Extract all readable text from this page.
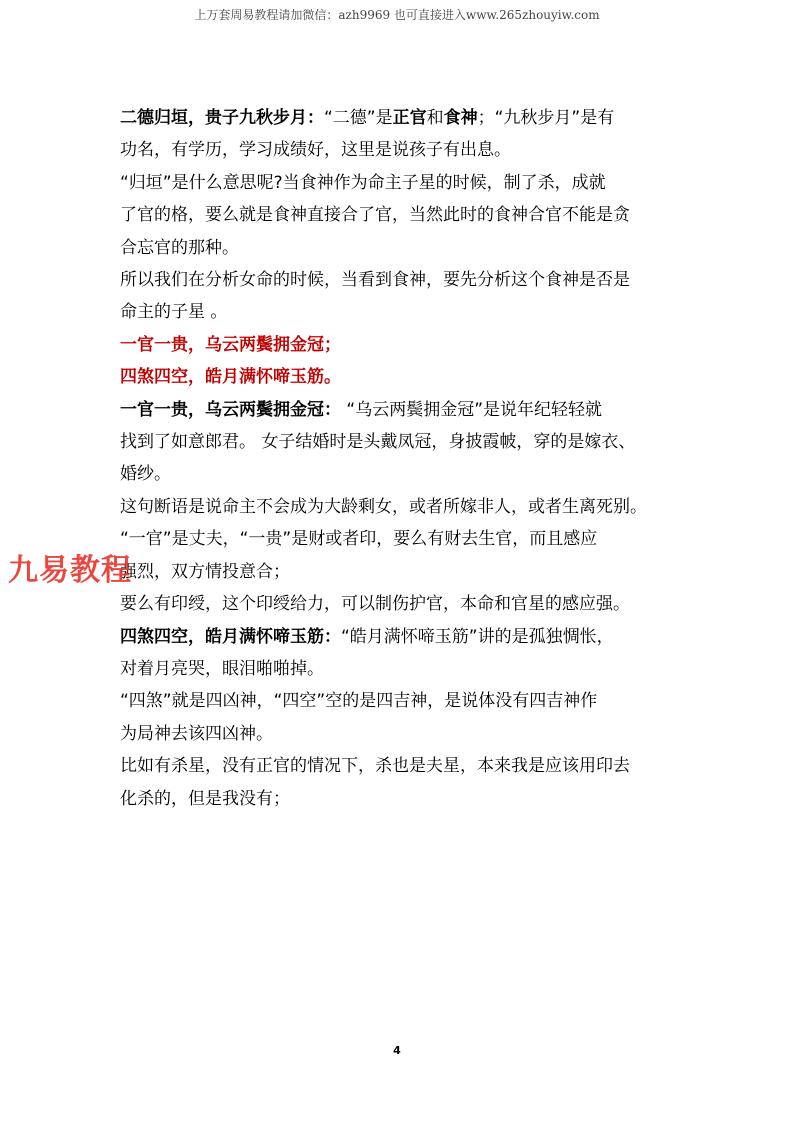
上万套周易教程请加微信：azh9969 也可直接进入www.265zhouyiw.com
二德归垣，贵子九秋步月：“二德”是正官和食神；“九秋步月”是有
功名，有学历，学习成绩好，这里是说孩子有出息。
“归垣”是什么意思呢?当食神作为命主子星的时候，制了杀，成就
了官的格，要么就是食神直接合了官，当然此时的食神合官不能是贪
合忘官的那种。
所以我们在分析女命的时候，当看到食神，要先分析这个食神是否是
命主的子星 。
一官一贵，乌云两鬓拥金冠；
四煞四空，皓月满怀啼玉筋。
一官一贵，乌云两鬓拥金冠： “乌云两鬓拥金冠”是说年纪轻轻就
找到了如意郎君。 女子结婚时是头戴凤冠，身披霞帔，穿的是嫁衣、
婚纱。
这句断语是说命主不会成为大龄剩女，或者所嫁非人，或者生离死别。
“一官”是丈夫，“一贵”是财或者印，要么有财去生官，而且感应
强烈，双方情投意合；
要么有印绶，这个印绶给力，可以制伤护官，本命和官星的感应强。
四煞四空，皓月满怀啼玉筋：“皓月满怀啼玉筋”讲的是孤独惆怅，
对着月亮哭，眼泪啪啪掉。
“四煞”就是四凶神，“四空”空的是四吉神，是说体没有四吉神作
为局神去该四凶神。
比如有杀星，没有正官的情况下，杀也是夫星，本来我是应该用印去
化杀的，但是我没有；
九易教程
4
